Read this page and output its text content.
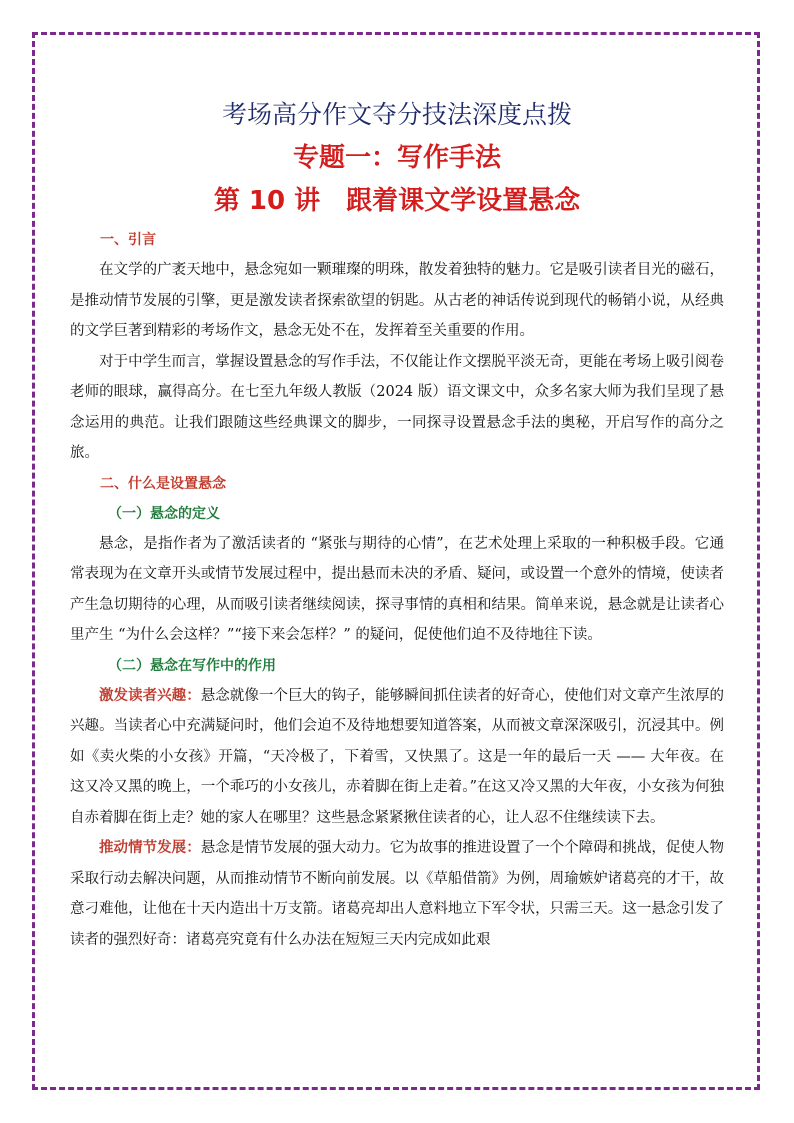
考场高分作文夺分技法深度点拨
专题一：写作手法
第 10 讲 跟着课文学设置悬念
一、引言

在文学的广袤天地中，悬念宛如一颗璀璨的明珠，散发着独特的魅力。它是吸引读者目光的磁石，是推动情节发展的引擎，更是激发读者探索欲望的钥匙。从古老的神话传说到现代的畅销小说，从经典的文学巨著到精彩的考场作文，悬念无处不在，发挥着至关重要的作用。

对于中学生而言，掌握设置悬念的写作手法，不仅能让作文摆脱平淡无奇，更能在考场上吸引阅卷老师的眼球，赢得高分。在七至九年级人教版（2024 版）语文课文中，众多名家大师为我们呈现了悬念运用的典范。让我们跟随这些经典课文的脚步，一同探寻设置悬念手法的奥秘，开启写作的高分之旅。

二、什么是设置悬念
（一）悬念的定义

悬念，是指作者为了激活读者的 “紧张与期待的心情”，在艺术处理上采取的一种积极手段。它通常表现为在文章开头或情节发展过程中，提出悬而未决的矛盾、疑问，或设置一个意外的情境，使读者产生急切期待的心理，从而吸引读者继续阅读，探寻事情的真相和结果。简单来说，悬念就是让读者心里产生 “为什么会这样？”“接下来会怎样？” 的疑问，促使他们迫不及待地往下读。

（二）悬念在写作中的作用

激发读者兴趣：悬念就像一个巨大的钩子，能够瞬间抓住读者的好奇心，使他们对文章产生浓厚的兴趣。当读者心中充满疑问时，他们会迫不及待地想要知道答案，从而被文章深深吸引，沉浸其中。例如《卖火柴的小女孩》开篇，“天冷极了，下着雪，又快黑了。这是一年的最后一天 —— 大年夜。在这又冷又黑的晚上，一个乖巧的小女孩儿，赤着脚在街上走着。”在这又冷又黑的大年夜，小女孩为何独自赤着脚在街上走？她的家人在哪里？这些悬念紧紧揪住读者的心，让人忍不住继续读下去。

推动情节发展：悬念是情节发展的强大动力。它为故事的推进设置了一个个障碍和挑战，促使人物采取行动去解决问题，从而推动情节不断向前发展。以《草船借箭》为例，周瑜嫉妒诸葛亮的才干，故意刁难他，让他在十天内造出十万支箭。诸葛亮却出人意料地立下军令状，只需三天。这一悬念引发了读者的强烈好奇：诸葛亮究竟有什么办法在短短三天内完成如此艰
